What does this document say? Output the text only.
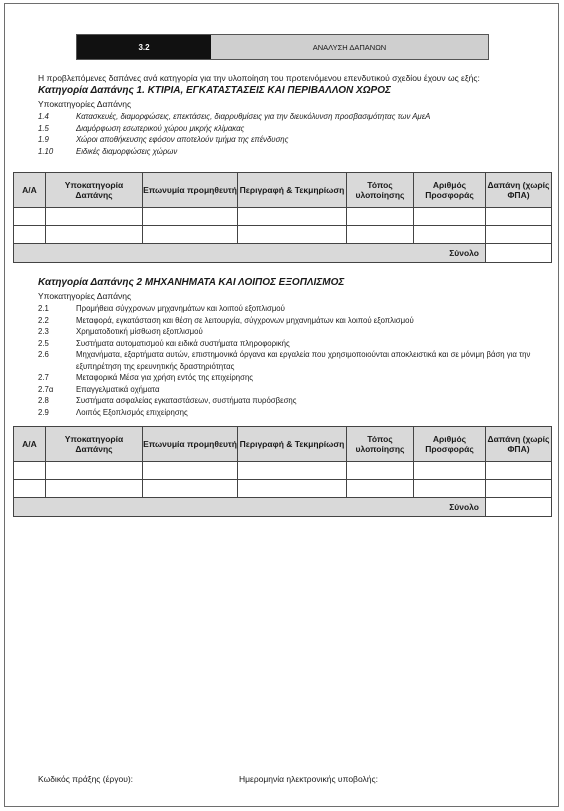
3.2	ΑΝΑΛΥΣΗ ΔΑΠΑΝΩΝ
Η προβλεπόμενες δαπάνες ανά κατηγορία για την υλοποίηση του προτεινόμενου επενδυτικού σχεδίου έχουν ως εξής:
Κατηγορία Δαπάνης 1. ΚΤΙΡΙΑ, ΕΓΚΑΤΑΣΤΑΣΕΙΣ ΚΑΙ ΠΕΡΙΒΑΛΛΟΝ ΧΩΡΟΣ
Υποκατηγορίες Δαπάνης
1.4	Κατασκευές, διαμορφώσεις, επεκτάσεις, διαρρυθμίσεις για την διευκόλυνση προσβασιμότητας των ΑμεΑ
1.5	Διαμόρφωση εσωτερικού χώρου μικρής κλίμακας
1.9	Χώροι αποθήκευσης εφόσον αποτελούν τμήμα της επένδυσης
1.10	Ειδικές διαμορφώσεις χώρων
Α/Α	Υποκατηγορία Δαπάνης	Επωνυμία προμηθευτή	Περιγραφή & Τεκμηρίωση	Τόπος υλοποίησης	Αριθμός Προσφοράς	Δαπάνη (χωρίς ΦΠΑ)

Σύνολο						
Κατηγορία Δαπάνης 2 ΜΗΧΑΝΗΜΑΤΑ ΚΑΙ ΛΟΙΠΟΣ ΕΞΟΠΛΙΣΜΟΣ
Υποκατηγορίες Δαπάνης
2.1	Προμήθεια σύγχρονων μηχανημάτων και λοιπού εξοπλισμού
2.2	Μεταφορά, εγκατάσταση και θέση σε λειτουργία, σύγχρονων μηχανημάτων και λοιπού εξοπλισμού
2.3	Χρηματοδοτική μίσθωση εξοπλισμού
2.5	Συστήματα αυτοματισμού και ειδικά συστήματα πληροφορικής
2.6	Μηχανήματα, εξαρτήματα αυτών, επιστημονικά όργανα και εργαλεία που χρησιμοποιούνται αποκλειστικά και σε μόνιμη βάση για την εξυπηρέτηση της ερευνητικής δραστηριότητας
2.7	Μεταφορικά Μέσα για χρήση εντός της επιχείρησης
2.7α	Επαγγελματικά οχήματα
2.8	Συστήματα ασφαλείας εγκαταστάσεων, συστήματα πυρόσβεσης
2.9	Λοιπός Εξοπλισμός επιχείρησης
Α/Α	Υποκατηγορία Δαπάνης	Επωνυμία προμηθευτή	Περιγραφή & Τεκμηρίωση	Τόπος υλοποίησης	Αριθμός Προσφοράς	Δαπάνη (χωρίς ΦΠΑ)

Σύνολο						
Κωδικός πράξης (έργου):	Ημερομηνία ηλεκτρονικής υποβολής:
